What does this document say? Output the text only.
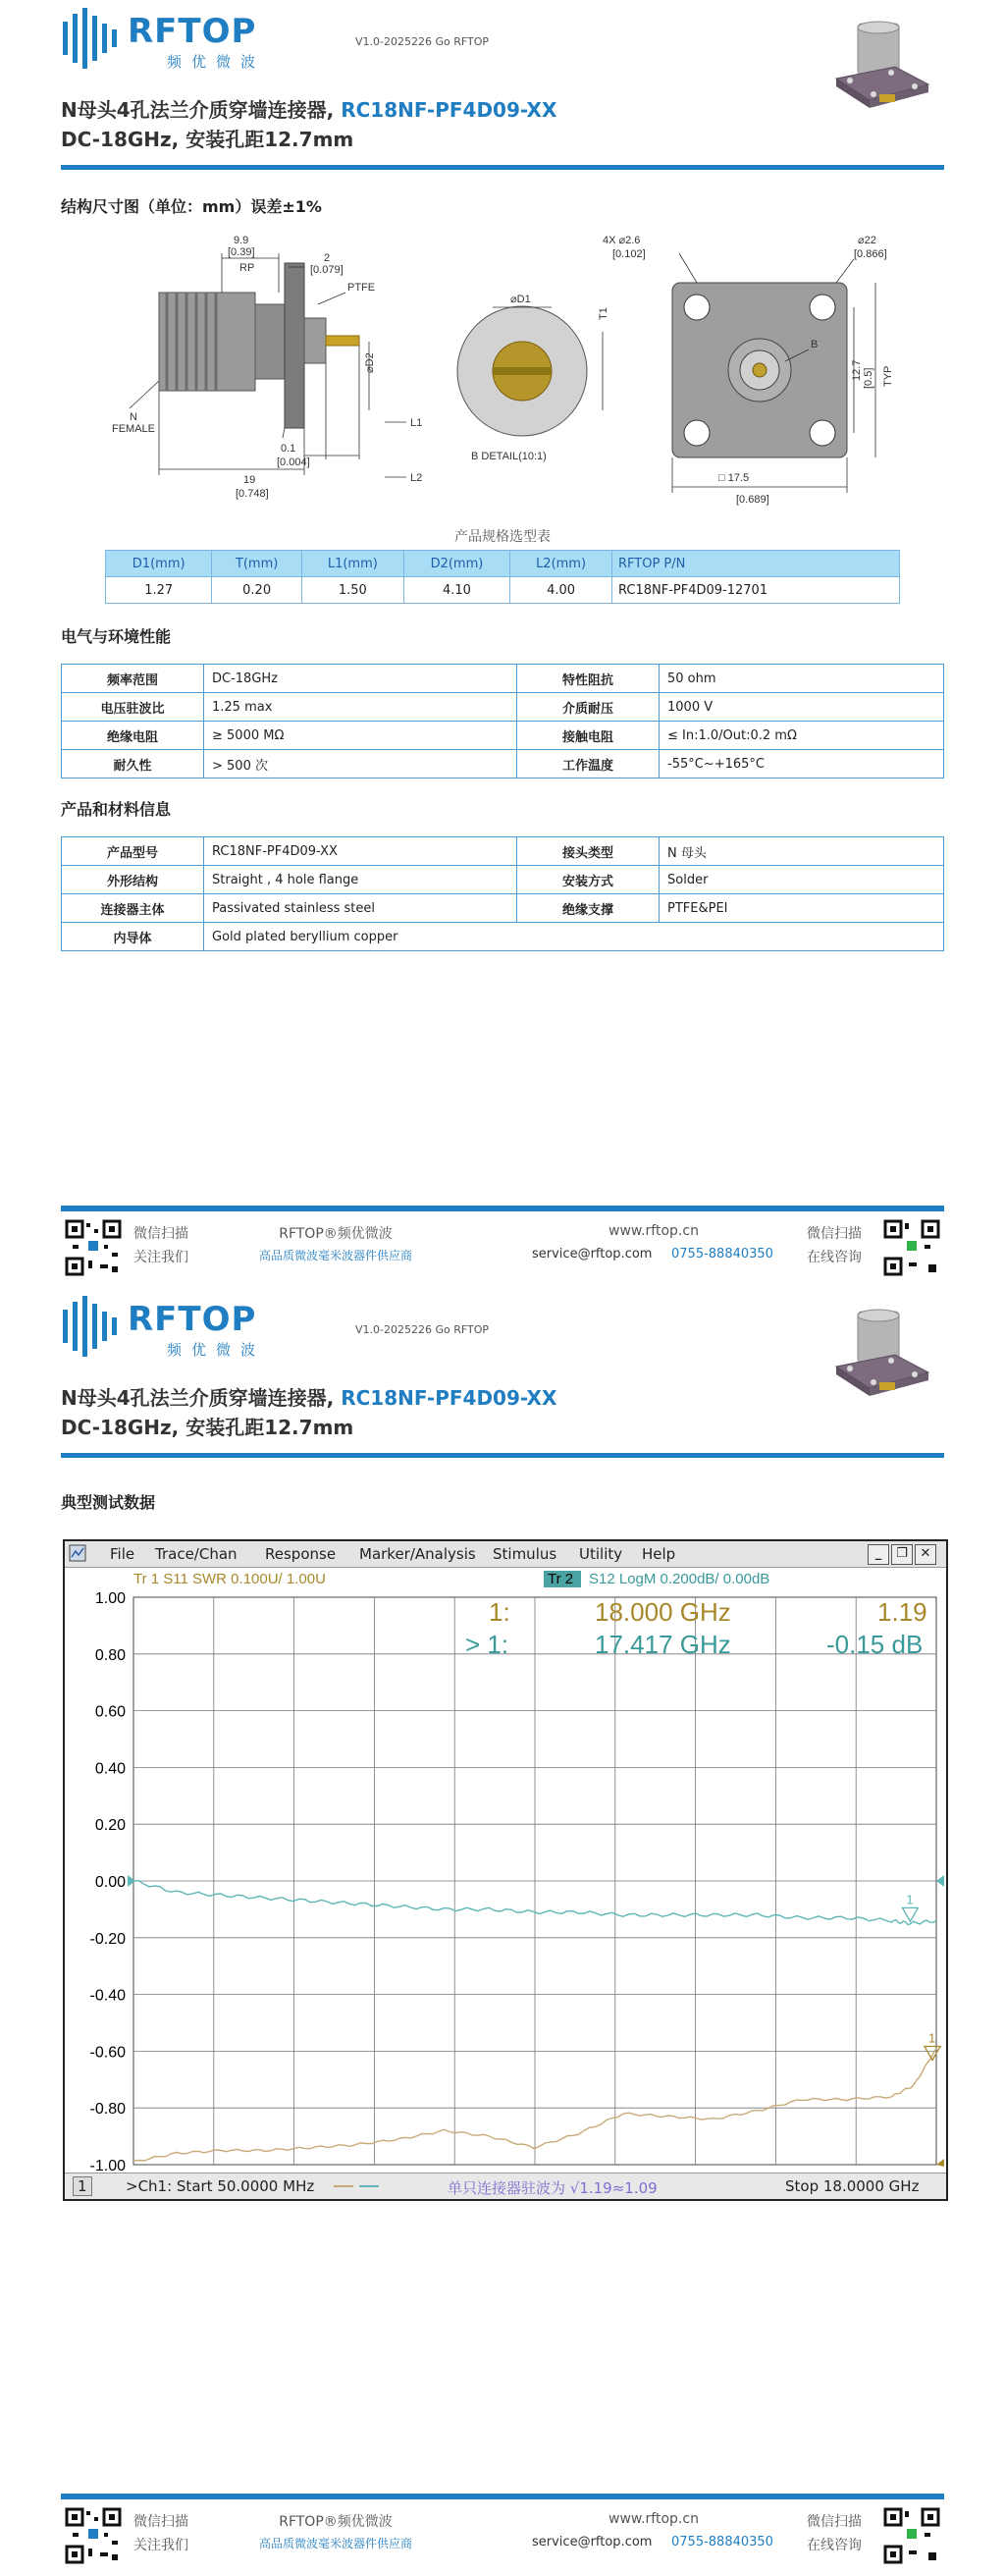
RFTOP
频优微波
V1.0-2025226 Go RFTOP
N母头4孔法兰介质穿墙连接器, RC18NF-PF4D09-XX
DC-18GHz, 安装孔距12.7mm
结构尺寸图（单位：mm）误差±1%
9.9
[0.39]
RP
2
[0.079]
PTFE
N
FEMALE
0.1
[0.004]
19
[0.748]
L1
L2
⌀D2
⌀D1
T1
B DETAIL(10:1)
4X ⌀2.6
[0.102]
⌀22
[0.866]
B
12.7 [0.5] TYP
□ 17.5
[0.689]
产品规格选型表
D1(mm)	T(mm)	L1(mm)	D2(mm)	L2(mm)	RFTOP P/N
1.27	0.20	1.50	4.10	4.00	RC18NF-PF4D09-12701
电气与环境性能
频率范围	DC-18GHz	特性阻抗	50 ohm
电压驻波比	1.25 max	介质耐压	1000 V
绝缘电阻	≥ 5000 MΩ	接触电阻	≤ In:1.0/Out:0.2 mΩ
耐久性	> 500 次	工作温度	-55°C~+165°C
产品和材料信息
产品型号	RC18NF-PF4D09-XX	接头类型	N 母头
外形结构	Straight , 4 hole flange	安装方式	Solder
连接器主体	Passivated stainless steel	绝缘支撑	PTFE&PEI
内导体	Gold plated beryllium copper		
微信扫描
关注我们
RFTOP®频优微波
高品质微波毫米波器件供应商
www.rftop.cn
service@rftop.com 0755-88840350
微信扫描
在线咨询
RFTOP
频优微波
V1.0-2025226 Go RFTOP
N母头4孔法兰介质穿墙连接器, RC18NF-PF4D09-XX
DC-18GHz, 安装孔距12.7mm
典型测试数据
File Trace/Chan Response Marker/Analysis Stimulus Utility Help	_	❐ ✕
1.00
0.80
0.60
0.40
0.20
0.00
-0.20
-0.40
-0.60
-0.80
-1.00
Tr 1 S11 SWR 0.100U/ 1.00U	Tr 2 S12 LogM 0.200dB/ 0.00dB
1:	18.000 GHz	1.19
> 1:	17.417 GHz	-0.15 dB
1
1
1	>Ch1: Start 50.0000 MHz	单只连接器驻波为 √1.19≈1.09	Stop 18.0000 GHz
微信扫描
关注我们
RFTOP®频优微波
高品质微波毫米波器件供应商
www.rftop.cn
service@rftop.com 0755-88840350
微信扫描
在线咨询
